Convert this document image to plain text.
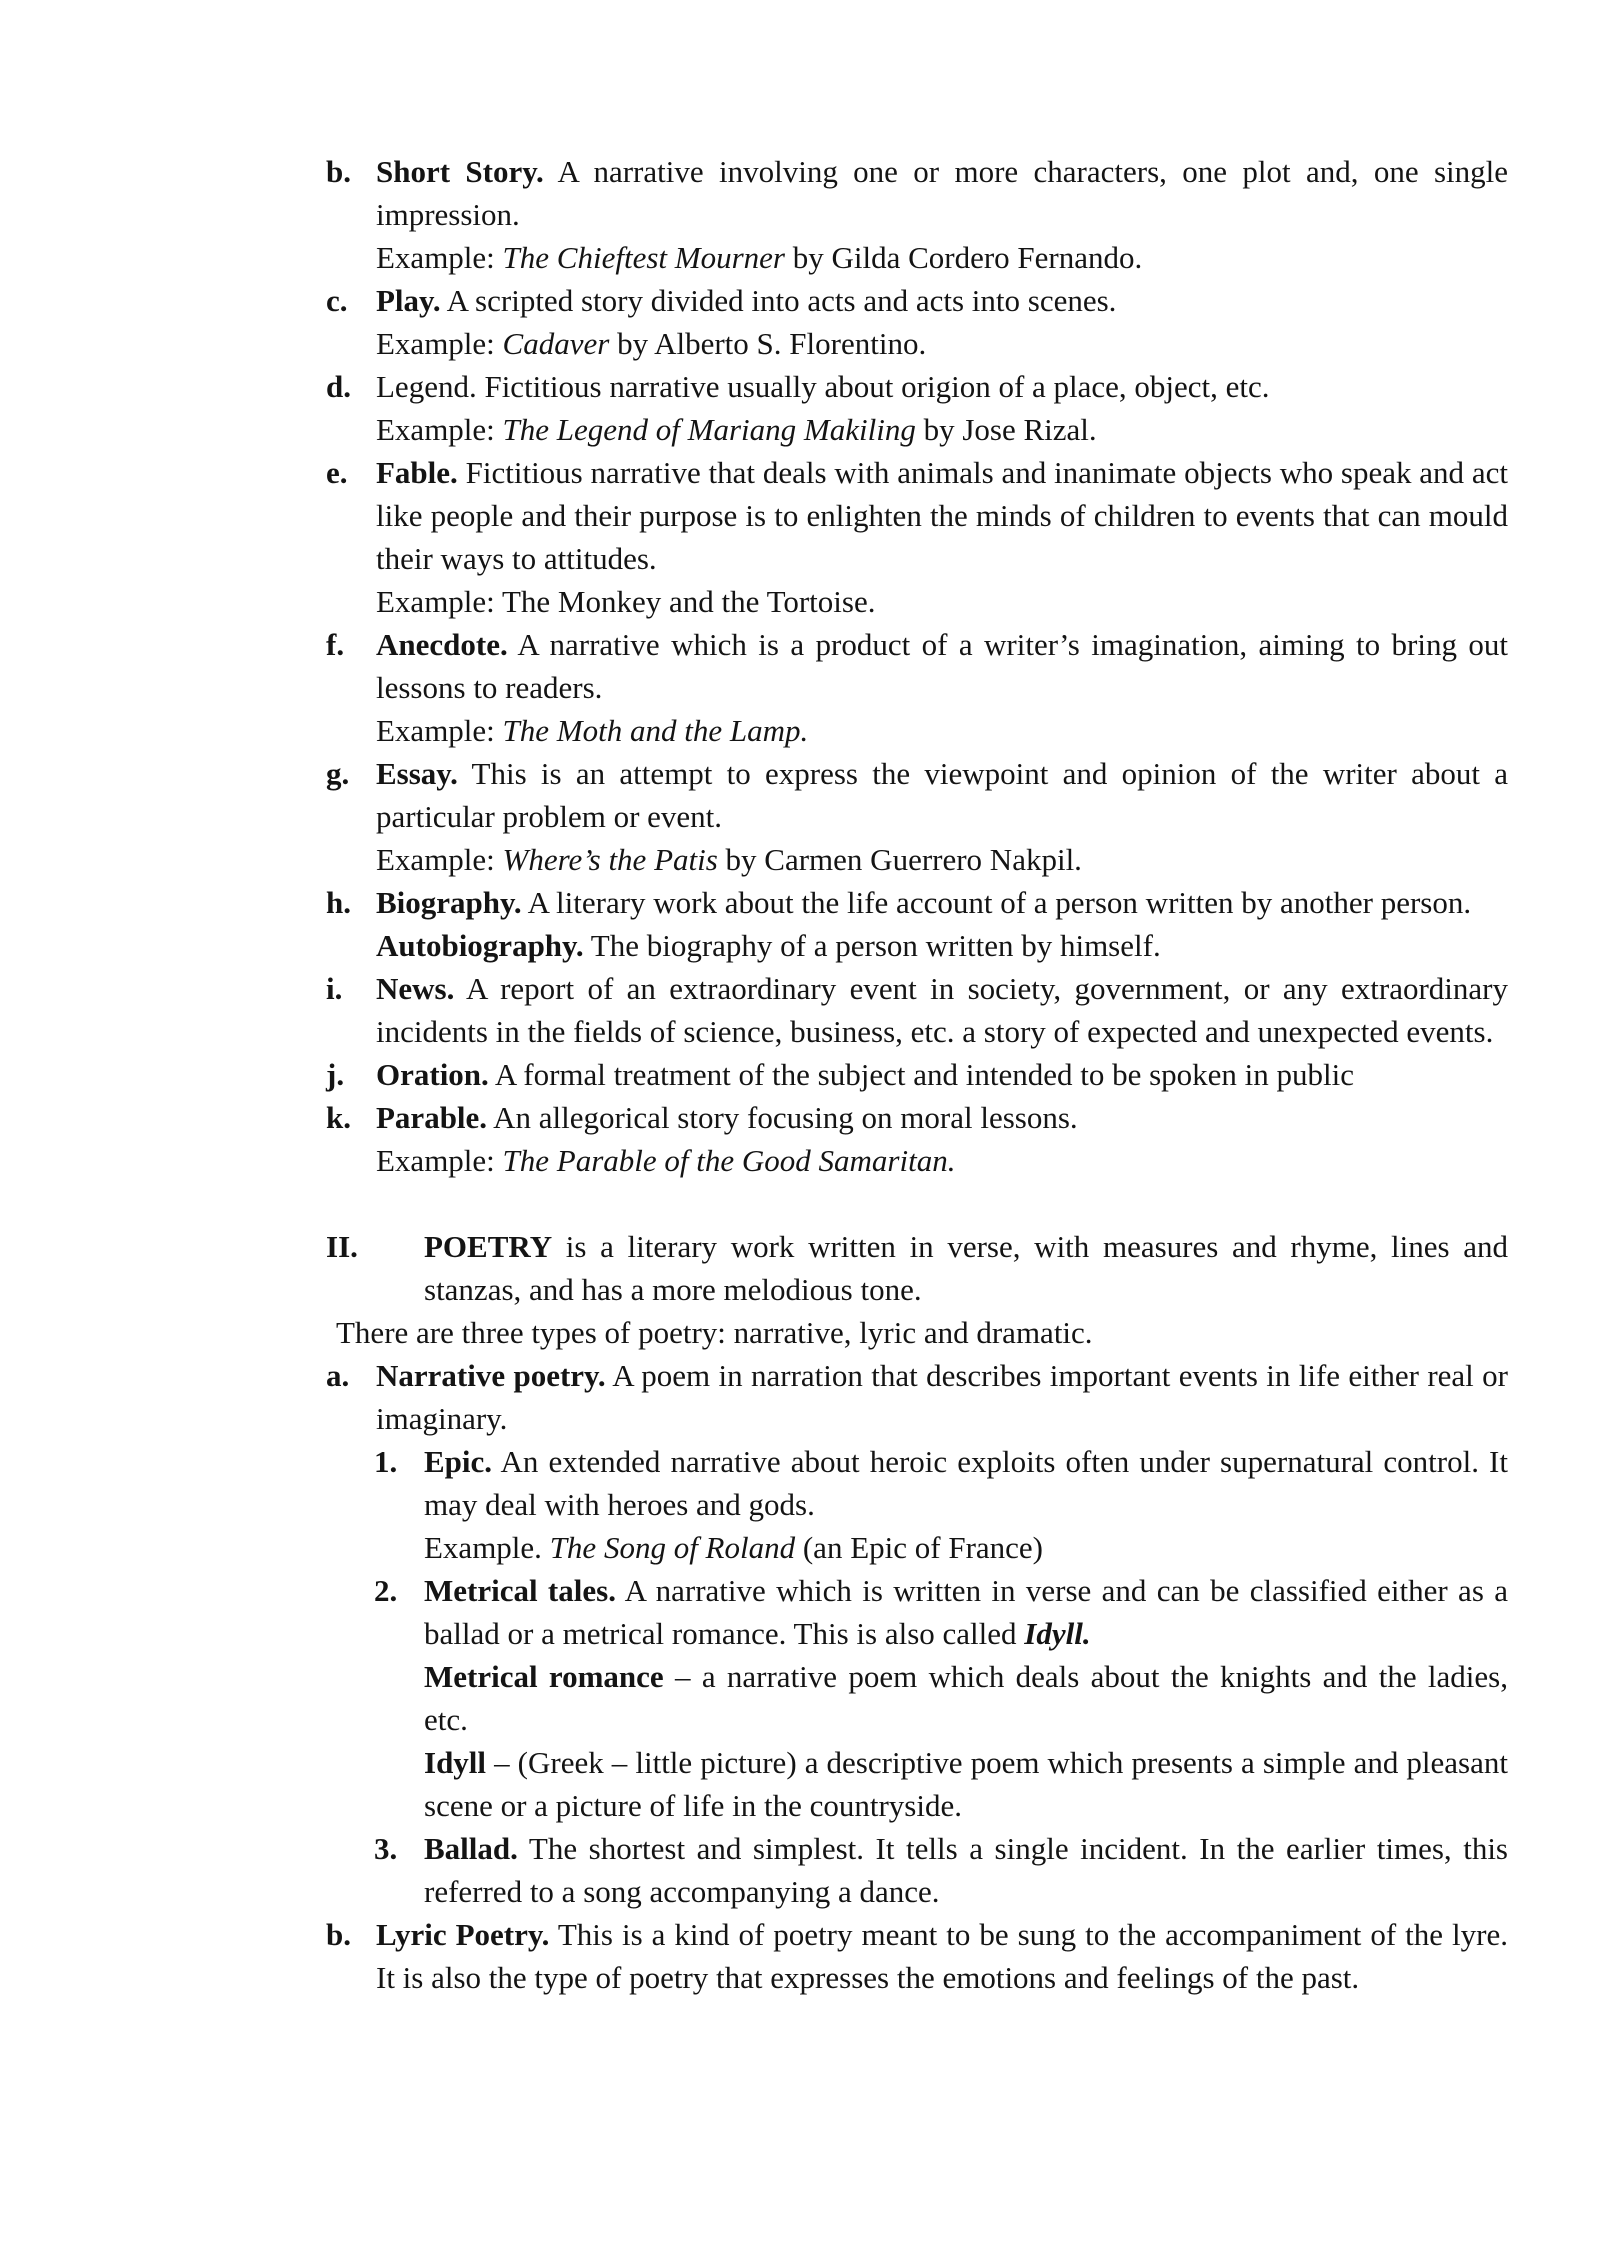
b. Short Story. A narrative involving one or more characters, one plot and, one single impression.
Example: The Chieftest Mourner by Gilda Cordero Fernando.
c. Play. A scripted story divided into acts and acts into scenes.
Example: Cadaver by Alberto S. Florentino.
d. Legend. Fictitious narrative usually about origion of a place, object, etc.
Example: The Legend of Mariang Makiling by Jose Rizal.
e. Fable. Fictitious narrative that deals with animals and inanimate objects who speak and act like people and their purpose is to enlighten the minds of children to events that can mould their ways to attitudes.
Example: The Monkey and the Tortoise.
f. Anecdote. A narrative which is a product of a writer’s imagination, aiming to bring out lessons to readers.
Example: The Moth and the Lamp.
g. Essay. This is an attempt to express the viewpoint and opinion of the writer about a particular problem or event.
Example: Where’s the Patis by Carmen Guerrero Nakpil.
h. Biography. A literary work about the life account of a person written by another person.
Autobiography. The biography of a person written by himself.
i. News. A report of an extraordinary event in society, government, or any extraordinary incidents in the fields of science, business, etc. a story of expected and unexpected events.
j. Oration. A formal treatment of the subject and intended to be spoken in public
k. Parable. An allegorical story focusing on moral lessons.
Example: The Parable of the Good Samaritan.
II. POETRY is a literary work written in verse, with measures and rhyme, lines and stanzas, and has a more melodious tone.
There are three types of poetry: narrative, lyric and dramatic.
a. Narrative poetry. A poem in narration that describes important events in life either real or imaginary.
1. Epic. An extended narrative about heroic exploits often under supernatural control. It may deal with heroes and gods.
Example. The Song of Roland (an Epic of France)
2. Metrical tales. A narrative which is written in verse and can be classified either as a ballad or a metrical romance. This is also called Idyll.
Metrical romance – a narrative poem which deals about the knights and the ladies, etc.
Idyll – (Greek – little picture) a descriptive poem which presents a simple and pleasant scene or a picture of life in the countryside.
3. Ballad. The shortest and simplest. It tells a single incident. In the earlier times, this referred to a song accompanying a dance.
b. Lyric Poetry. This is a kind of poetry meant to be sung to the accompaniment of the lyre. It is also the type of poetry that expresses the emotions and feelings of the past.
